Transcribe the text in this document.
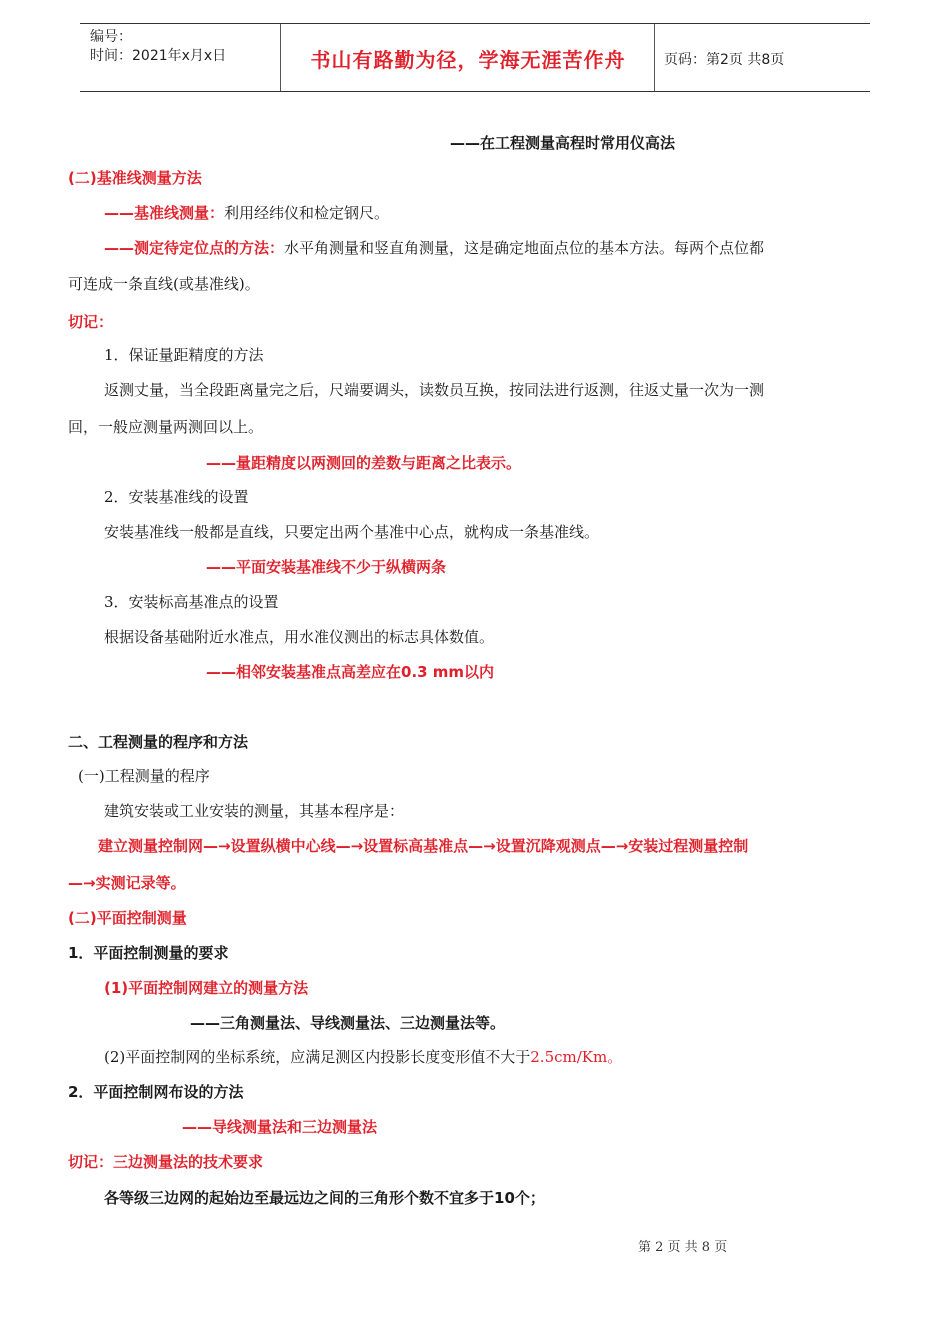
编号：
时间：2021年x月x日	书山有路勤为径，学海无涯苦作舟	页码：第2页 共8页
——在工程测量高程时常用仪高法
(二)基准线测量方法
——基准线测量：利用经纬仪和检定钢尺。
——测定待定位点的方法：水平角测量和竖直角测量，这是确定地面点位的基本方法。每两个点位都
可连成一条直线(或基准线)。
切记：
1．保证量距精度的方法
返测丈量，当全段距离量完之后，尺端要调头，读数员互换，按同法进行返测，往返丈量一次为一测
回，一般应测量两测回以上。
——量距精度以两测回的差数与距离之比表示。
2．安装基准线的设置
安装基准线一般都是直线，只要定出两个基准中心点，就构成一条基准线。
——平面安装基准线不少于纵横两条
3．安装标高基准点的设置
根据设备基础附近水准点，用水准仪测出的标志具体数值。
——相邻安装基准点高差应在0.3 mm以内
二、工程测量的程序和方法
(一)工程测量的程序
建筑安装或工业安装的测量，其基本程序是：
建立测量控制网—→设置纵横中心线—→设置标高基准点—→设置沉降观测点—→安装过程测量控制
—→实测记录等。
(二)平面控制测量
1．平面控制测量的要求
(1)平面控制网建立的测量方法
——三角测量法、导线测量法、三边测量法等。
(2)平面控制网的坐标系统，应满足测区内投影长度变形值不大于2.5cm/Km。
2．平面控制网布设的方法
——导线测量法和三边测量法
切记：三边测量法的技术要求
各等级三边网的起始边至最远边之间的三角形个数不宜多于10个；
第 2 页 共 8 页
